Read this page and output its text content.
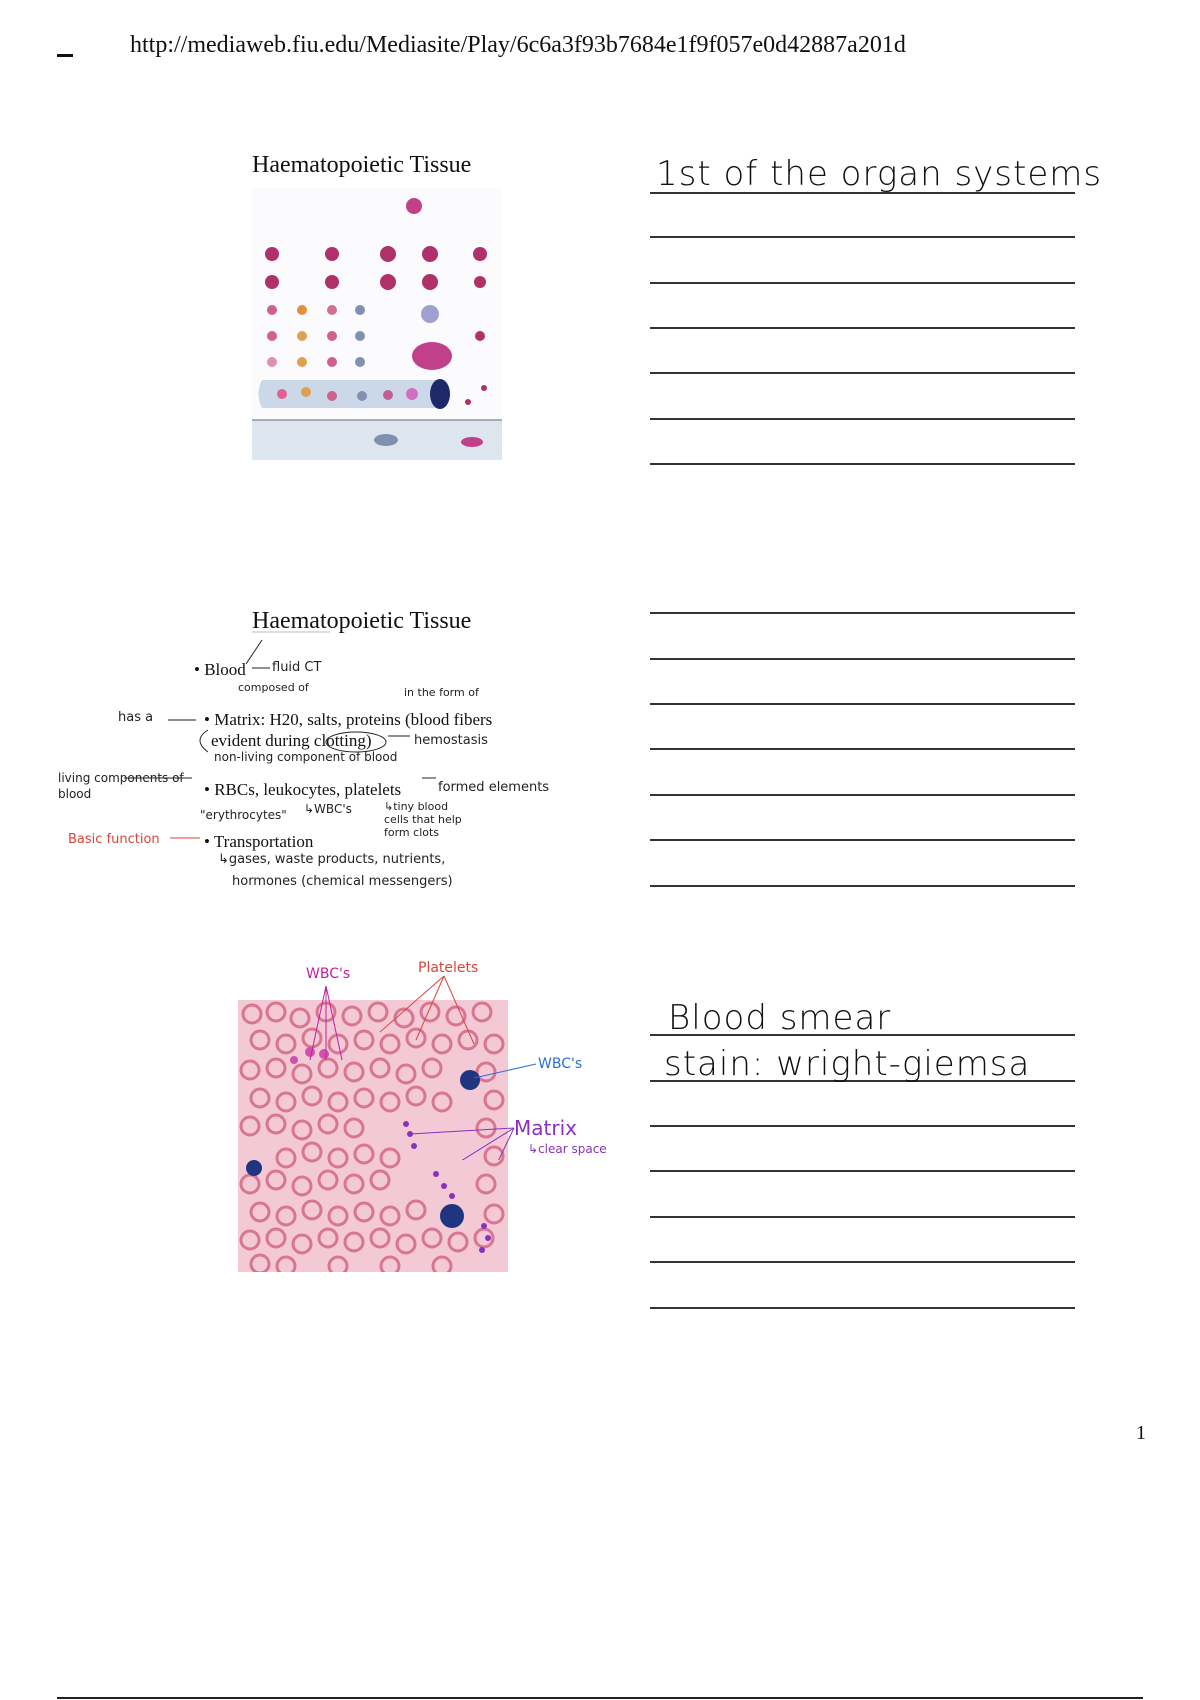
http://mediaweb.fiu.edu/Mediasite/Play/6c6a3f93b7684e1f9f057e0d42887a201d
Haematopoietic Tissue	1st of the organ systems
Haematopoietic Tissue
• Blood
• Matrix: H20, salts, proteins (blood fibers
evident during clotting)
• RBCs, leukocytes, platelets
• Transportation
fluid CT
composed of	in the form of
has a
hemostasis
non-living component of blood
living components of blood	formed elements
"erythrocytes" ↳WBC's	↳tiny blood cells that help form clots
Basic function
↳gases, waste products, nutrients,
hormones (chemical messengers)
WBC's	Platelets
WBC's
Matrix
↳clear space
Blood smear
stain: wright-giemsa
1
